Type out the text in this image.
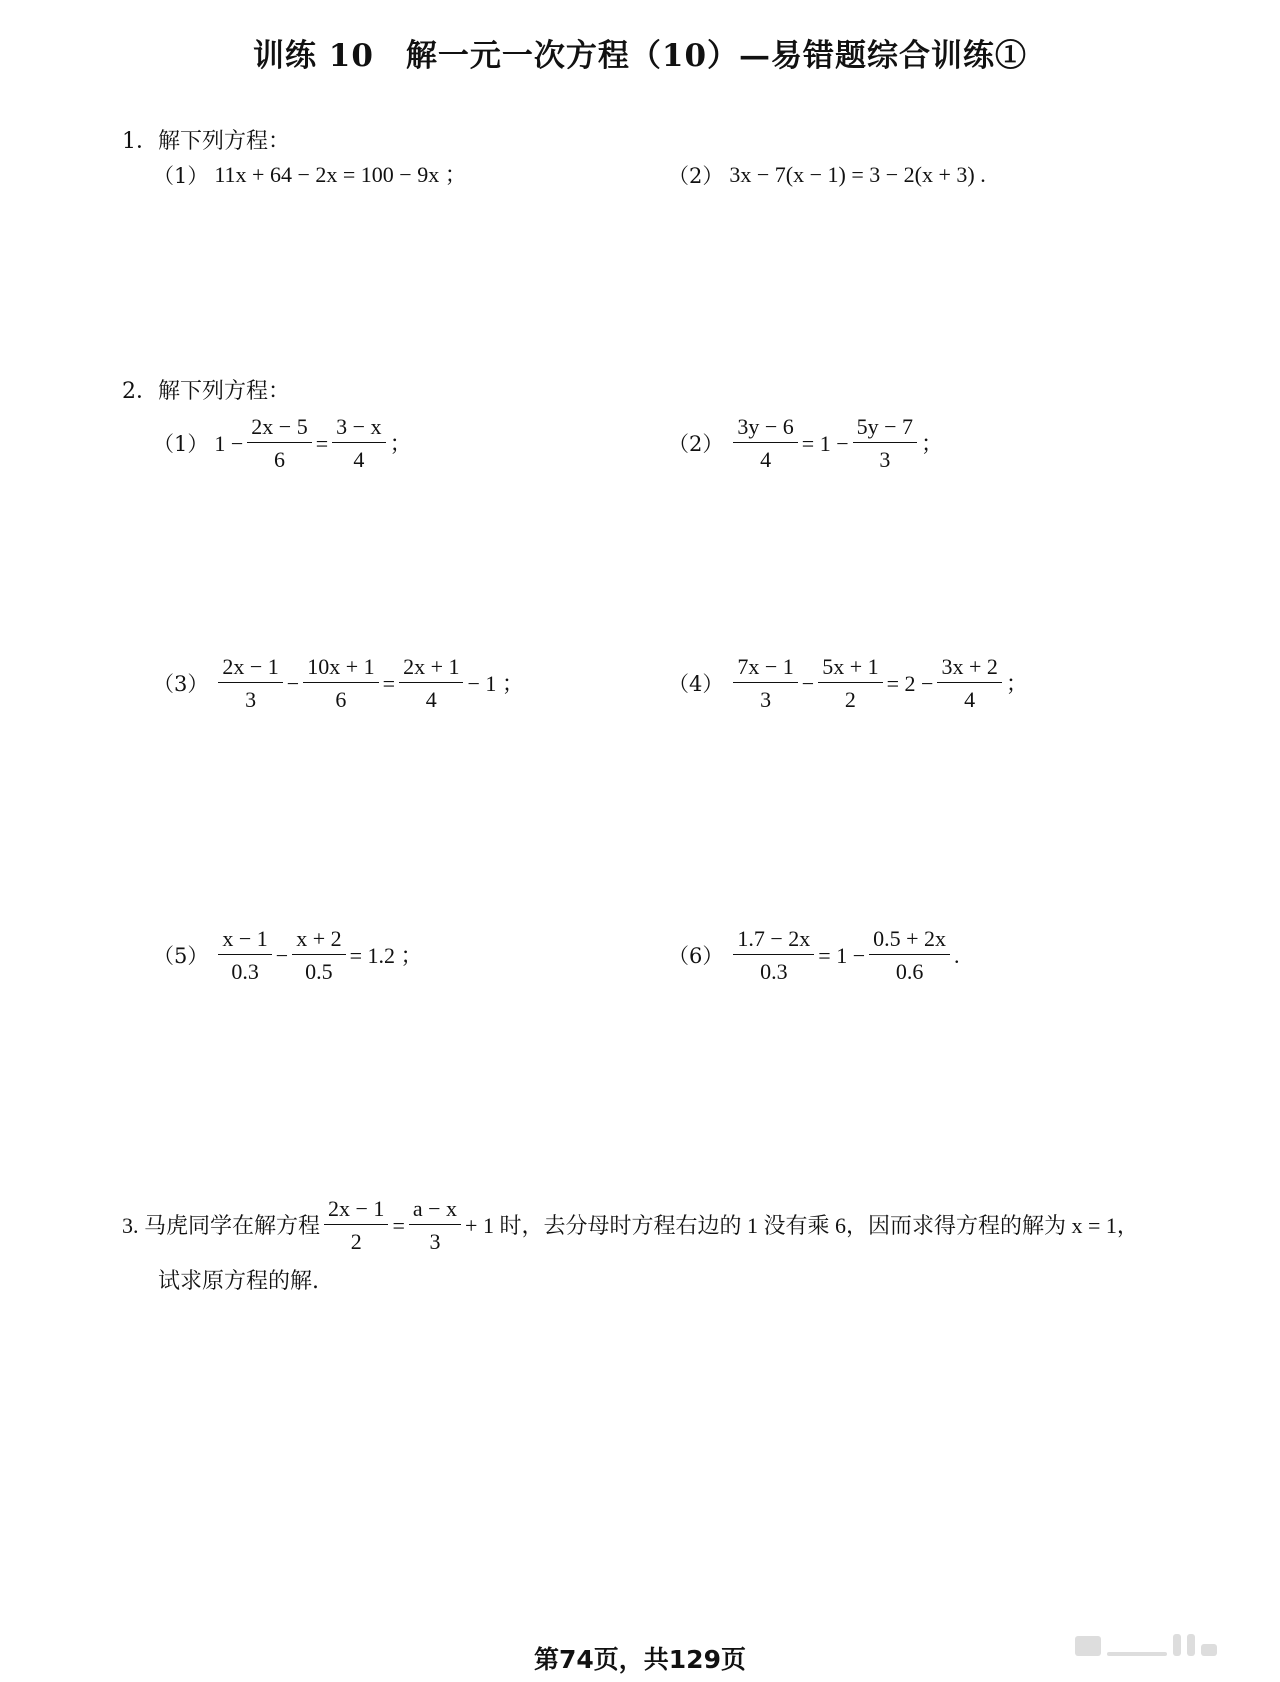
训练 10　解一元一次方程（10）—易错题综合训练①
1．解下列方程：
（1） 11x + 64 − 2x = 100 − 9x ；	（2） 3x − 7(x − 1) = 3 − 2(x + 3) .
2．解下列方程：
（1） $1 - \frac{2x - 5}{6} = \frac{3 - x}{4}$ ；	$(2) \frac{3y - 6}{4} = 1 - \frac{5y - 7}{3}$ ；
$(3) \frac{2x - 1}{3} - \frac{10x + 1}{6} = \frac{2x + 1}{4} - 1$ ；	$(4) \frac{7x - 1}{3} - \frac{5x + 1}{2} = 2 - \frac{3x + 2}{4}$ ；
$(5) \frac{x - 1}{0.3} - \frac{x + 2}{0.5} = 1.2$ ；	$(6) \frac{1.7 - 2x}{0.3} = 1 - \frac{0.5 + 2x}{0.6}$ .
3. 马虎同学在解方程 $\frac{2x - 1}{2} = \frac{a - x}{3} + 1$ 时，去分母时方程右边的 1 没有乘 6，因而求得方程的解为 x = 1，
试求原方程的解.
第74页，共129页
